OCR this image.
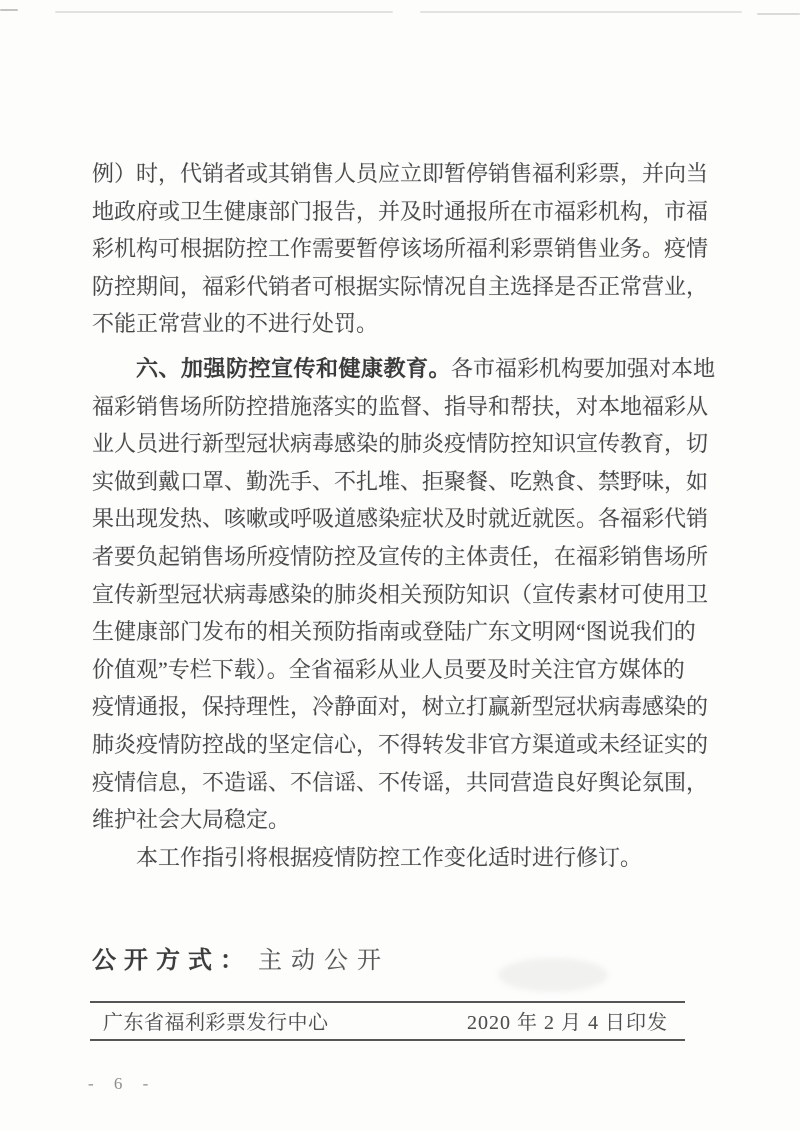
例）时，代销者或其销售人员应立即暂停销售福利彩票，并向当
地政府或卫生健康部门报告，并及时通报所在市福彩机构，市福
彩机构可根据防控工作需要暂停该场所福利彩票销售业务。疫情
防控期间，福彩代销者可根据实际情况自主选择是否正常营业，
不能正常营业的不进行处罚。

六、加强防控宣传和健康教育。各市福彩机构要加强对本地
福彩销售场所防控措施落实的监督、指导和帮扶，对本地福彩从
业人员进行新型冠状病毒感染的肺炎疫情防控知识宣传教育，切
实做到戴口罩、勤洗手、不扎堆、拒聚餐、吃熟食、禁野味，如
果出现发热、咳嗽或呼吸道感染症状及时就近就医。各福彩代销
者要负起销售场所疫情防控及宣传的主体责任，在福彩销售场所
宣传新型冠状病毒感染的肺炎相关预防知识（宣传素材可使用卫
生健康部门发布的相关预防指南或登陆广东文明网“图说我们的
价值观”专栏下载）。全省福彩从业人员要及时关注官方媒体的
疫情通报，保持理性，冷静面对，树立打赢新型冠状病毒感染的
肺炎疫情防控战的坚定信心，不得转发非官方渠道或未经证实的
疫情信息，不造谣、不信谣、不传谣，共同营造良好舆论氛围，
维护社会大局稳定。

本工作指引将根据疫情防控工作变化适时进行修订。

公开方式： 主动公开
广东省福利彩票发行中心	2020 年 2 月 4 日印发
- 6 -
